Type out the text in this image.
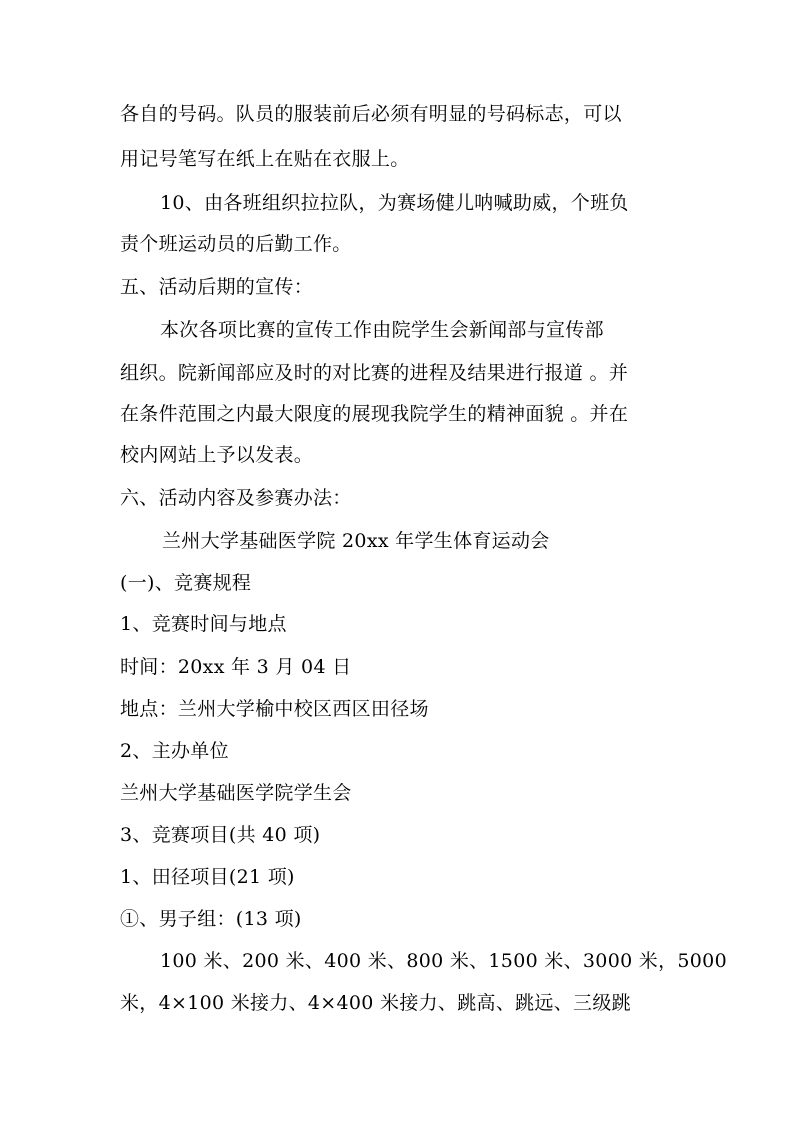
各自的号码。队员的服装前后必须有明显的号码标志，可以
用记号笔写在纸上在贴在衣服上。
10、由各班组织拉拉队，为赛场健儿呐喊助威，个班负
责个班运动员的后勤工作。
五、活动后期的宣传：
本次各项比赛的宣传工作由院学生会新闻部与宣传部
组织。院新闻部应及时的对比赛的进程及结果进行报道 。并
在条件范围之内最大限度的展现我院学生的精神面貌 。并在
校内网站上予以发表。
六、活动内容及参赛办法：
兰州大学基础医学院 20xx 年学生体育运动会
(一)、竞赛规程
1、竞赛时间与地点
时间：20xx 年 3 月 04 日
地点：兰州大学榆中校区西区田径场
2、主办单位
兰州大学基础医学院学生会
3、竞赛项目(共 40 项)
1、田径项目(21 项)
①、男子组：(13 项)
100 米、200 米、400 米、800 米、1500 米、3000 米，5000
米，4×100 米接力、4×400 米接力、跳高、跳远、三级跳
